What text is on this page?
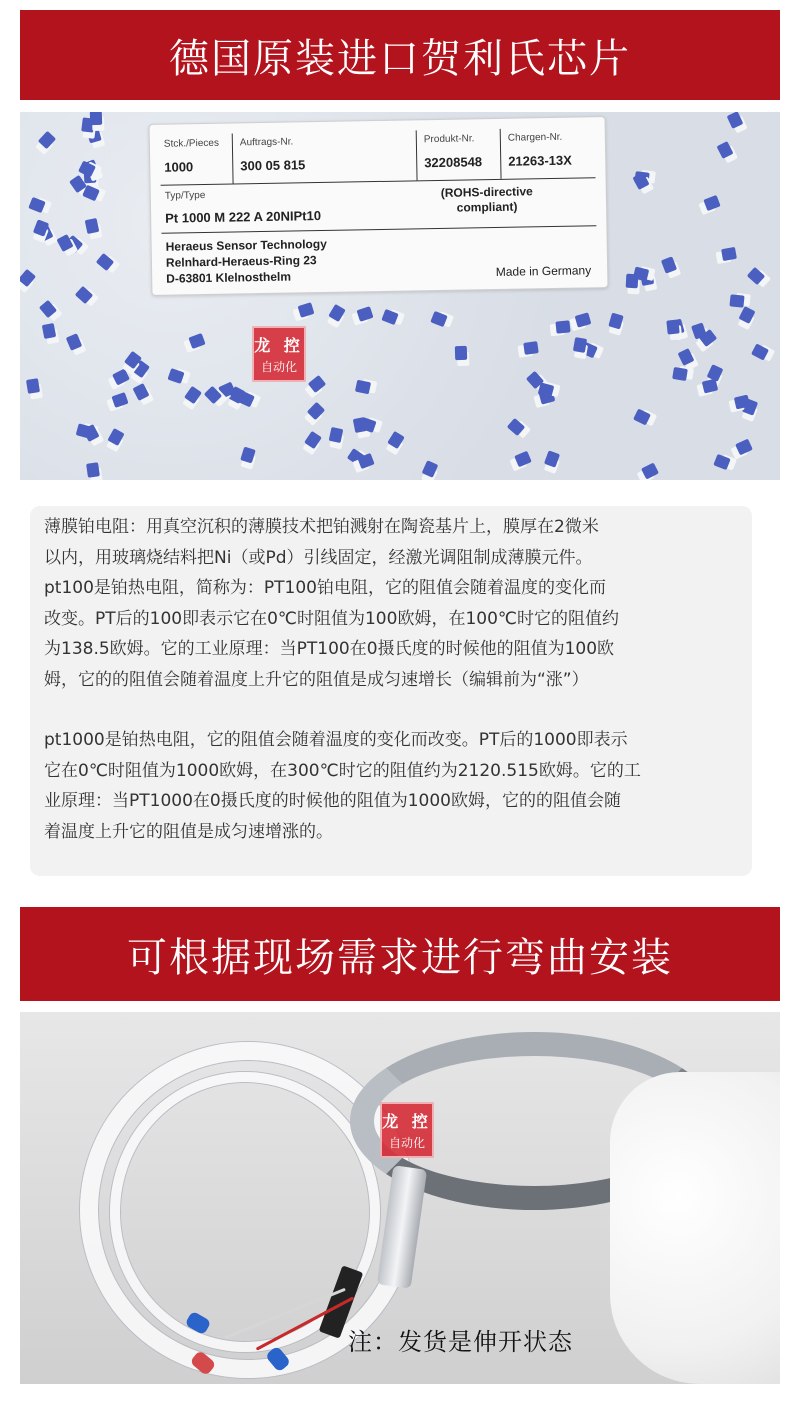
德国原装进口贺利氏芯片
Stck./Pieces
1000
Auftrags-Nr.
300 05 815
Produkt-Nr.
32208548
Chargen-Nr.
21263-13X
Typ/Type
Pt 1000 M 222 A 20NIPt10
(ROHS-directive
compliant)
Heraeus Sensor Technology
Relnhard-Heraeus-Ring 23
D-63801 Klelnosthelm	Made in Germany
龙 控
自动化

薄膜铂电阻：用真空沉积的薄膜技术把铂溅射在陶瓷基片上，膜厚在2微米

以内，用玻璃烧结料把Ni（或Pd）引线固定，经激光调阻制成薄膜元件。

pt100是铂热电阻，简称为：PT100铂电阻，它的阻值会随着温度的变化而

改变。PT后的100即表示它在0℃时阻值为100欧姆，在100℃时它的阻值约

为138.5欧姆。它的工业原理：当PT100在0摄氏度的时候他的阻值为100欧

姆，它的的阻值会随着温度上升它的阻值是成匀速增长（编辑前为“涨”）

pt1000是铂热电阻，它的阻值会随着温度的变化而改变。PT后的1000即表示

它在0℃时阻值为1000欧姆，在300℃时它的阻值约为2120.515欧姆。它的工

业原理：当PT1000在0摄氏度的时候他的阻值为1000欧姆，它的的阻值会随

着温度上升它的阻值是成匀速增涨的。

可根据现场需求进行弯曲安装
龙 控
自动化
注：发货是伸开状态
